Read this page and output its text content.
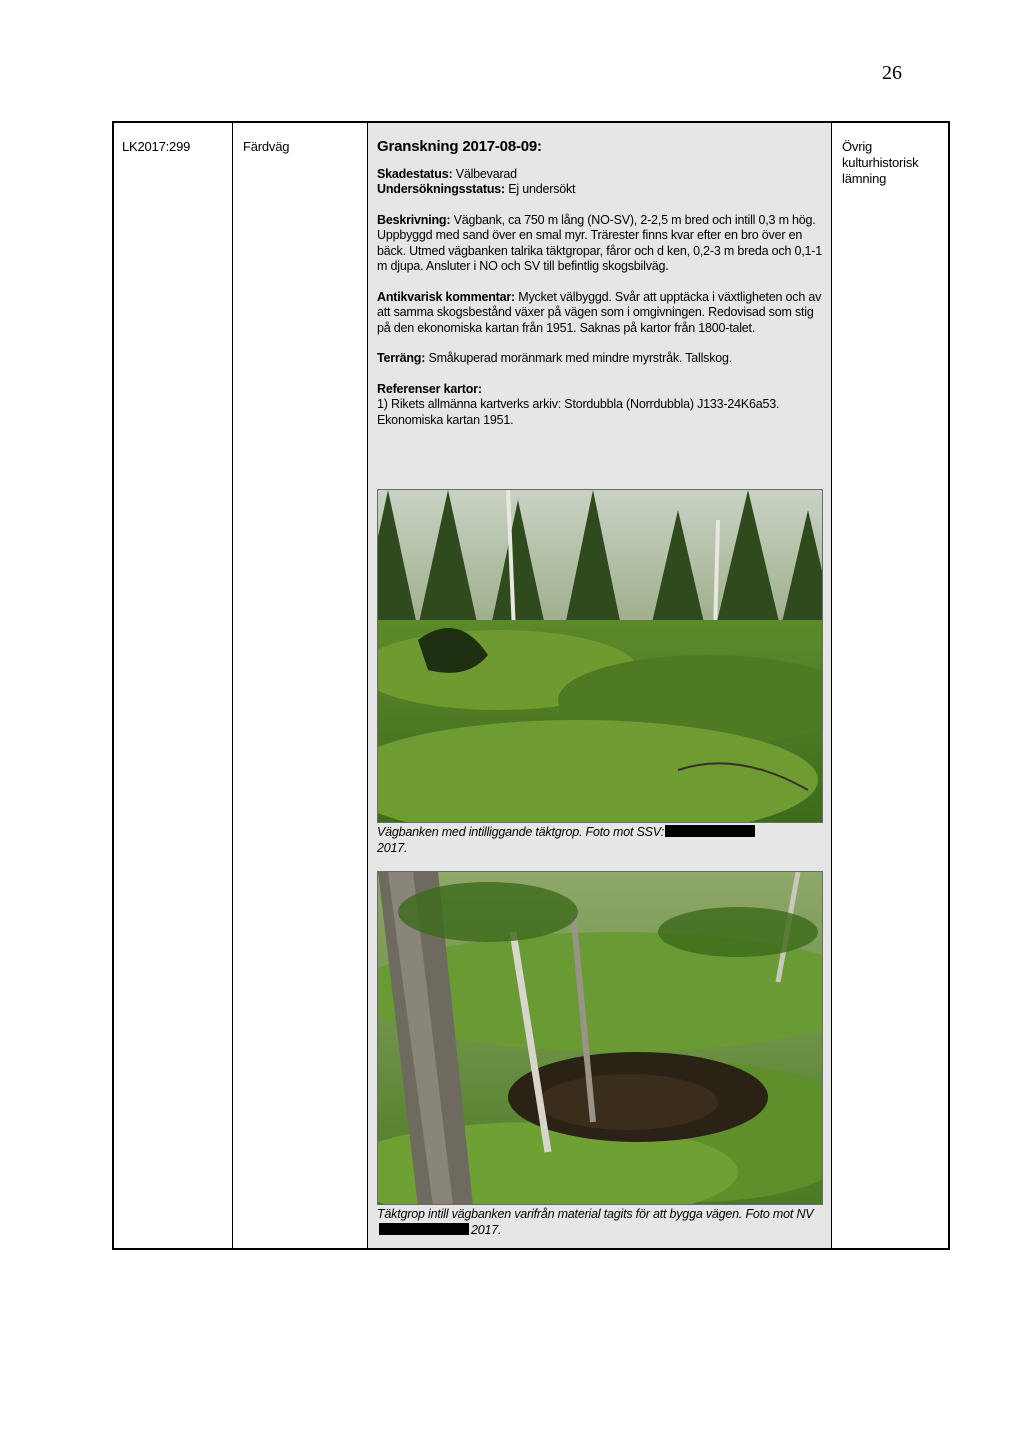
26
LK2017:299	Färdväg	Granskning 2017-08-09:
Skadestatus: Välbevarad
Undersökningsstatus: Ej undersökt
Beskrivning: Vägbank, ca 750 m lång (NO-SV), 2-2,5 m bred och intill 0,3 m hög. Uppbyggd med sand över en smal myr. Trärester finns kvar efter en bro över en bäck. Utmed vägbanken talrika täktgropar, fåror och d ken, 0,2-3 m breda och 0,1-1 m djupa. Ansluter i NO och SV till befintlig skogsbilväg.
Antikvarisk kommentar: Mycket välbyggd. Svår att upptäcka i växtligheten och av att samma skogsbestånd växer på vägen som i omgivningen. Redovisad som stig på den ekonomiska kartan från 1951. Saknas på kartor från 1800-talet.
Terräng: Småkuperad moränmark med mindre myrstråk. Tallskog.
Referenser kartor:
1) Rikets allmänna kartverks arkiv: Stordubbla (Norrdubbla) J133-24K6a53. Ekonomiska kartan 1951.
Vägbanken med intilliggande täktgrop. Foto mot SSV:
2017.
Täktgrop intill vägbanken varifrån material tagits för att bygga vägen. Foto mot NV2017.
Övrig kulturhistorisk lämning
